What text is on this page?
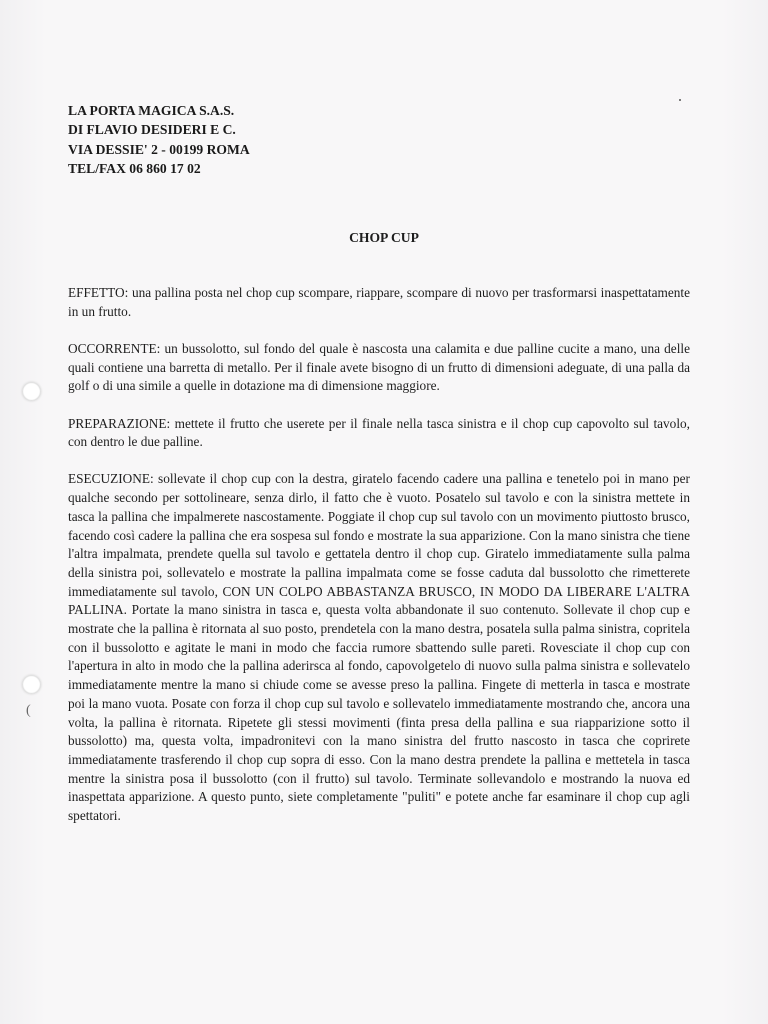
(
LA PORTA MAGICA S.A.S.
DI FLAVIO DESIDERI E C.
VIA DESSIE' 2 - 00199 ROMA
TEL/FAX 06 860 17 02
CHOP CUP

EFFETTO: una pallina posta nel chop cup scompare, riappare, scompare di nuovo per trasformarsi inaspettatamente in un frutto.

OCCORRENTE: un bussolotto, sul fondo del quale è nascosta una calamita e due palline cucite a mano, una delle quali contiene una barretta di metallo. Per il finale avete bisogno di un frutto di dimensioni adeguate, di una palla da golf o di una simile a quelle in dotazione ma di dimensione maggiore.

PREPARAZIONE: mettete il frutto che userete per il finale nella tasca sinistra e il chop cup capovolto sul tavolo, con dentro le due palline.

ESECUZIONE: sollevate il chop cup con la destra, giratelo facendo cadere una pallina e tenetelo poi in mano per qualche secondo per sottolineare, senza dirlo, il fatto che è vuoto. Posatelo sul tavolo e con la sinistra mettete in tasca la pallina che impalmerete nascostamente. Poggiate il chop cup sul tavolo con un movimento piuttosto brusco, facendo così cadere la pallina che era sospesa sul fondo e mostrate la sua apparizione. Con la mano sinistra che tiene l'altra impalmata, prendete quella sul tavolo e gettatela dentro il chop cup. Giratelo immediatamente sulla palma della sinistra poi, sollevatelo e mostrate la pallina impalmata come se fosse caduta dal bussolotto che rimetterete immediatamente sul tavolo, CON UN COLPO ABBASTANZA BRUSCO, IN MODO DA LIBERARE L'ALTRA PALLINA. Portate la mano sinistra in tasca e, questa volta abbandonate il suo contenuto. Sollevate il chop cup e mostrate che la pallina è ritornata al suo posto, prendetela con la mano destra, posatela sulla palma sinistra, copritela con il bussolotto e agitate le mani in modo che faccia rumore sbattendo sulle pareti. Rovesciate il chop cup con l'apertura in alto in modo che la pallina aderirsca al fondo, capovolgetelo di nuovo sulla palma sinistra e sollevatelo immediatamente mentre la mano si chiude come se avesse preso la pallina. Fingete di metterla in tasca e mostrate poi la mano vuota. Posate con forza il chop cup sul tavolo e sollevatelo immediatamente mostrando che, ancora una volta, la pallina è ritornata. Ripetete gli stessi movimenti (finta presa della pallina e sua riapparizione sotto il bussolotto) ma, questa volta, impadronitevi con la mano sinistra del frutto nascosto in tasca che coprirete immediatamente trasferendo il chop cup sopra di esso. Con la mano destra prendete la pallina e mettetela in tasca mentre la sinistra posa il bussolotto (con il frutto) sul tavolo. Terminate sollevandolo e mostrando la nuova ed inaspettata apparizione. A questo punto, siete completamente "puliti" e potete anche far esaminare il chop cup agli spettatori.
